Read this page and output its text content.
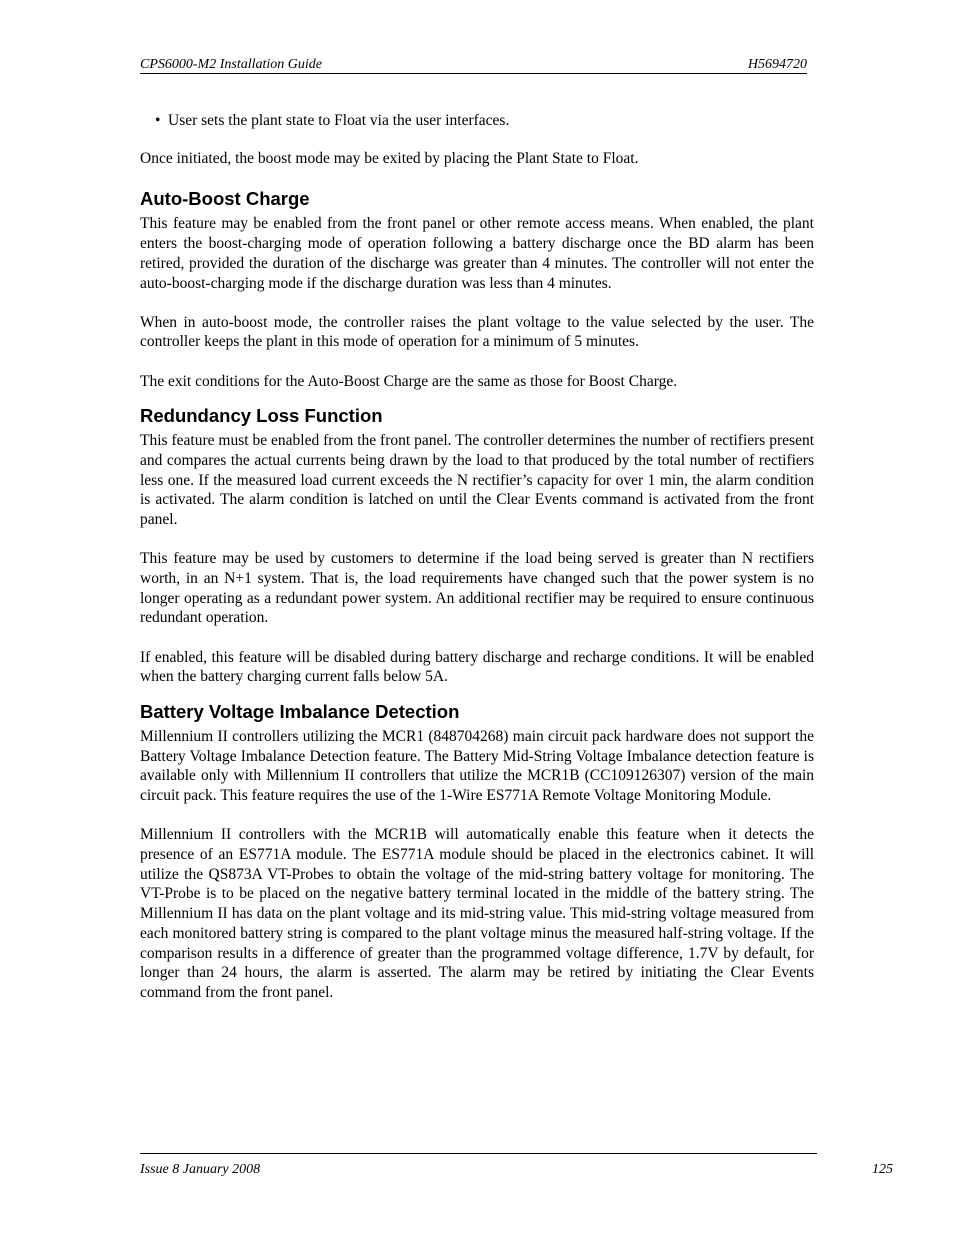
CPS6000-M2 Installation Guide	H5694720
• User sets the plant state to Float via the user interfaces.

Once initiated, the boost mode may be exited by placing the Plant State to Float.

Auto-Boost Charge

This feature may be enabled from the front panel or other remote access means. When enabled, the plant enters the boost-charging mode of operation following a battery discharge once the BD alarm has been retired, provided the duration of the discharge was greater than 4 minutes. The controller will not enter the auto-boost-charging mode if the discharge duration was less than 4 minutes.

When in auto-boost mode, the controller raises the plant voltage to the value selected by the user. The controller keeps the plant in this mode of operation for a minimum of 5 minutes.

The exit conditions for the Auto-Boost Charge are the same as those for Boost Charge.

Redundancy Loss Function

This feature must be enabled from the front panel. The controller determines the number of rectifiers present and compares the actual currents being drawn by the load to that produced by the total number of rectifiers less one. If the measured load current exceeds the N rectifier’s capacity for over 1 min, the alarm condition is activated. The alarm condition is latched on until the Clear Events command is activated from the front panel.

This feature may be used by customers to determine if the load being served is greater than N rectifiers worth, in an N+1 system. That is, the load requirements have changed such that the power system is no longer operating as a redundant power system. An additional rectifier may be required to ensure continuous redundant operation.

If enabled, this feature will be disabled during battery discharge and recharge conditions. It will be enabled when the battery charging current falls below 5A.

Battery Voltage Imbalance Detection

Millennium II controllers utilizing the MCR1 (848704268) main circuit pack hardware does not support the Battery Voltage Imbalance Detection feature. The Battery Mid-String Voltage Imbalance detection feature is available only with Millennium II controllers that utilize the MCR1B (CC109126307) version of the main circuit pack. This feature requires the use of the 1-Wire ES771A Remote Voltage Monitoring Module.

Millennium II controllers with the MCR1B will automatically enable this feature when it detects the presence of an ES771A module. The ES771A module should be placed in the electronics cabinet. It will utilize the QS873A VT-Probes to obtain the voltage of the mid-string battery voltage for monitoring. The VT-Probe is to be placed on the negative battery terminal located in the middle of the battery string. The Millennium II has data on the plant voltage and its mid-string value. This mid-string voltage measured from each monitored battery string is compared to the plant voltage minus the measured half-string voltage. If the comparison results in a difference of greater than the programmed voltage difference, 1.7V by default, for longer than 24 hours, the alarm is asserted. The alarm may be retired by initiating the Clear Events command from the front panel.

Issue 8 January 2008	125
